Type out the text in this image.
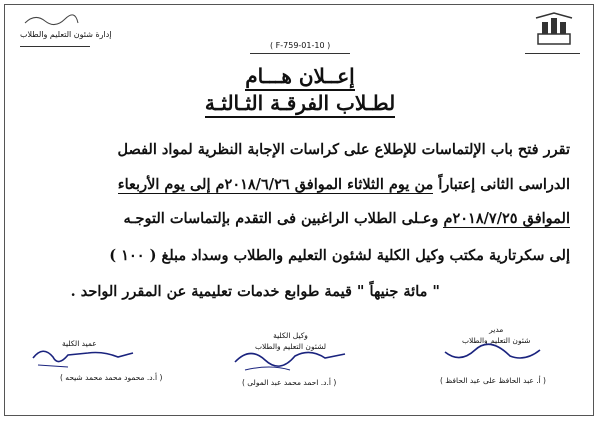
إدارة شئون التعليم والطلاب
( F-759-01-10 )
إعــلان هـــام
لطـلاب الفرقـة الثـالثـة
تقرر فتح باب الإلتماسات للإطلاع على كراسات الإجابة النظرية لمواد الفصل
الدراسى الثانى إعتباراً من يوم الثلاثاء الموافق ٢٠١٨/٦/٢٦م إلى يوم الأربعاء
الموافق ٢٠١٨/٧/٢٥م وعـلى الطلاب الراغبين فى التقدم بإلتماسات التوجـه
إلى سكرتارية مكتب وكيل الكلية لشئون التعليم والطلاب وسداد مبلغ ( ١٠٠ )
" مائة جنيهاً " قيمة طوابع خدمات تعليمية عن المقرر الواحد .
عميد الكلية
( أ.د. محمود محمد محمد شيحه )
وكيل الكلية
لشئون التعليم والطلاب
( أ.د. احمد محمد عبد المولى )
مدير
شئون التعليم والطلاب
( أ. عبد الحافظ على عبد الحافظ )
